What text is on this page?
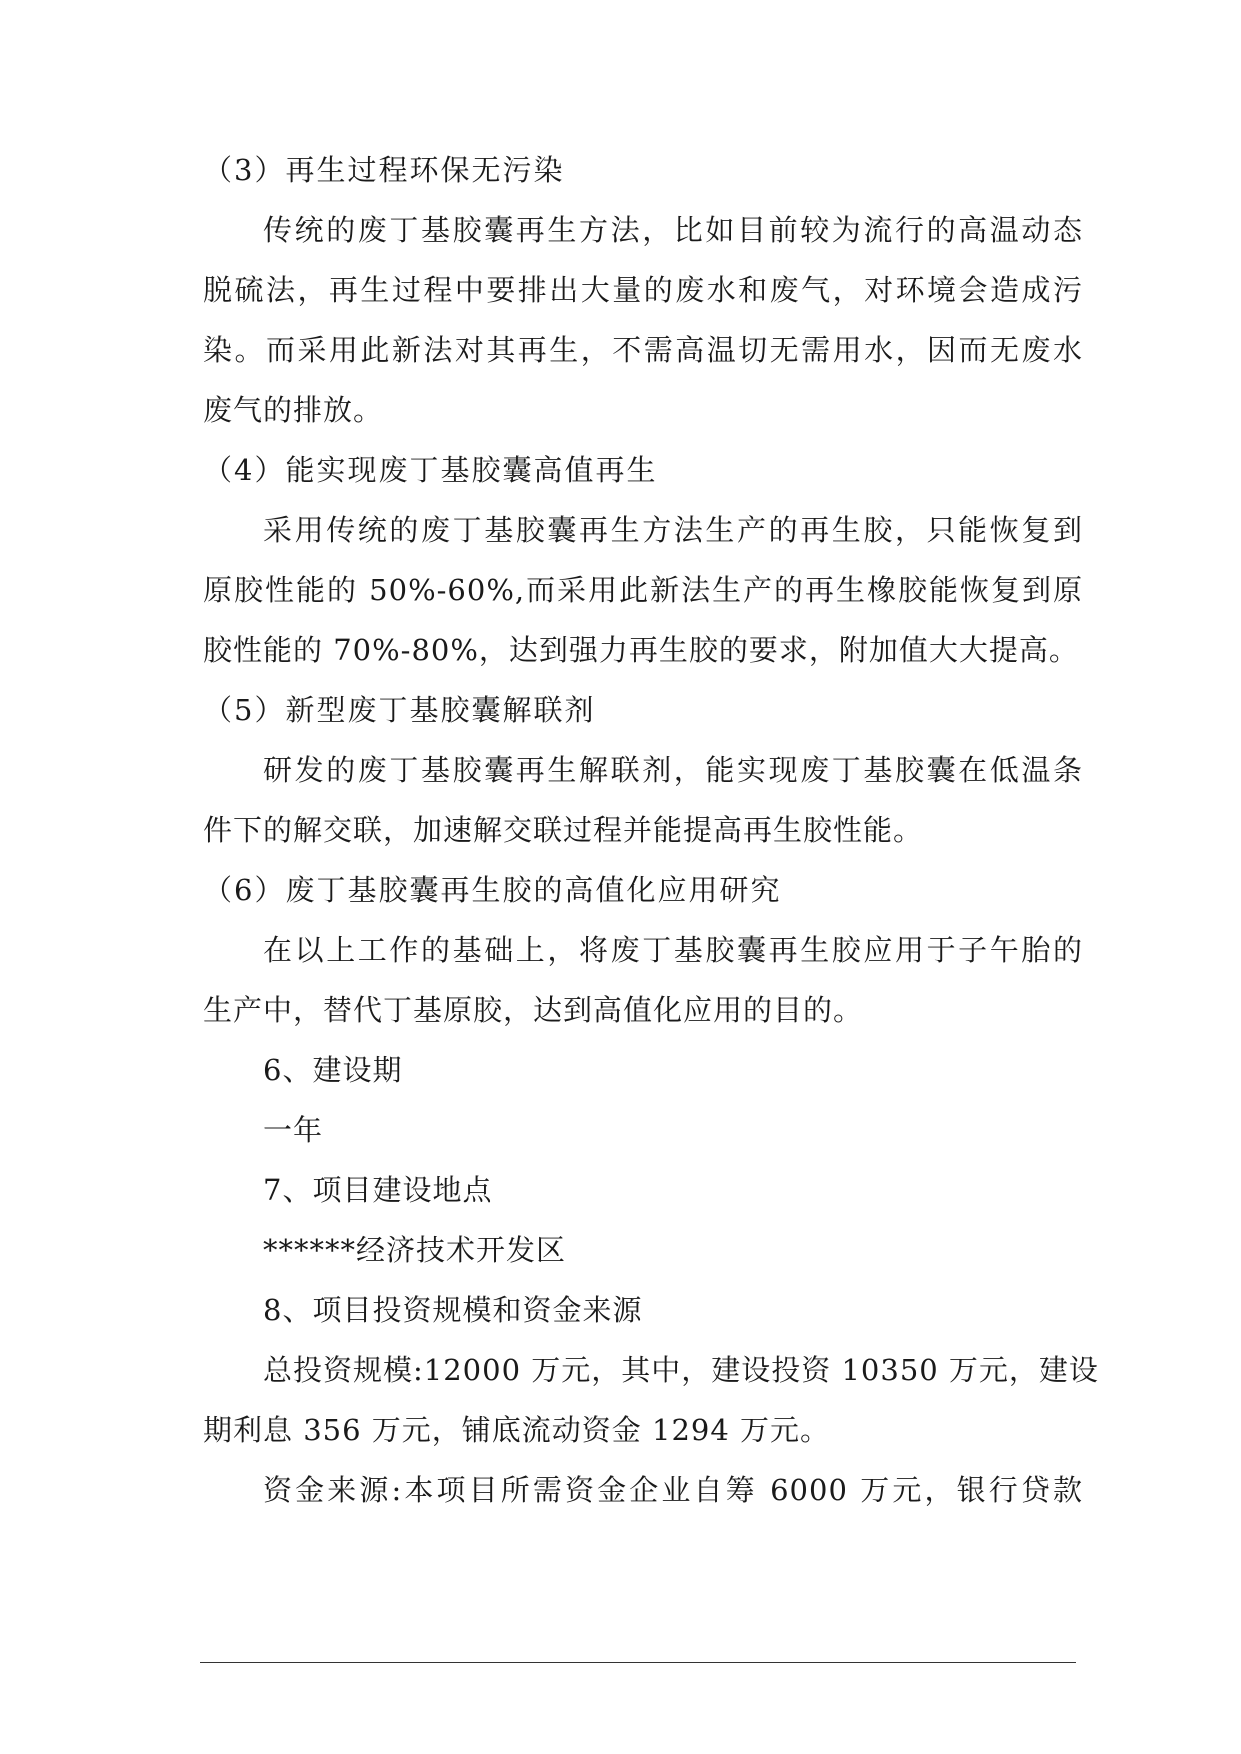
（3）再生过程环保无污染
传统的废丁基胶囊再生方法，比如目前较为流行的高温动态
脱硫法，再生过程中要排出大量的废水和废气，对环境会造成污
染。而采用此新法对其再生，不需高温切无需用水，因而无废水
废气的排放。
（4）能实现废丁基胶囊高值再生
采用传统的废丁基胶囊再生方法生产的再生胶，只能恢复到
原胶性能的 50%-60%,而采用此新法生产的再生橡胶能恢复到原
胶性能的 70%-80%，达到强力再生胶的要求，附加值大大提高。
（5）新型废丁基胶囊解联剂
研发的废丁基胶囊再生解联剂，能实现废丁基胶囊在低温条
件下的解交联，加速解交联过程并能提高再生胶性能。
（6）废丁基胶囊再生胶的高值化应用研究
在以上工作的基础上，将废丁基胶囊再生胶应用于子午胎的
生产中，替代丁基原胶，达到高值化应用的目的。
6、建设期
一年
7、项目建设地点
******经济技术开发区
8、项目投资规模和资金来源
总投资规模:12000 万元，其中，建设投资 10350 万元，建设
期利息 356 万元，铺底流动资金 1294 万元。
资金来源:本项目所需资金企业自筹 6000 万元，银行贷款
